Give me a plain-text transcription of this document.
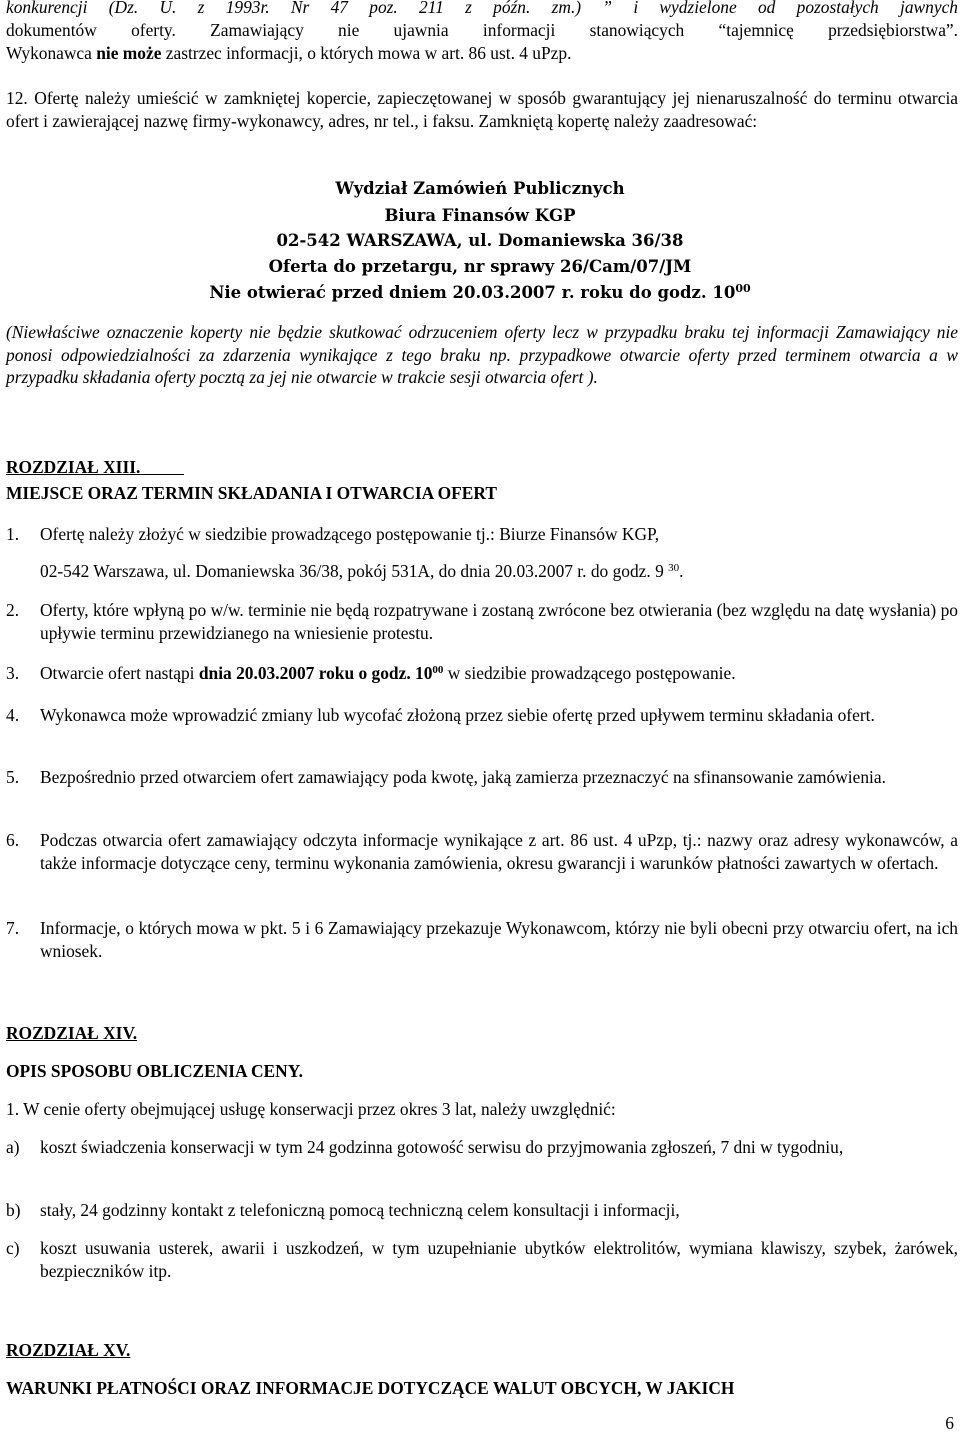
konkurencji (Dz. U. z 1993r. Nr 47 poz. 211 z późn. zm.) ” i wydzielone od pozostałych jawnych

dokumentów oferty. Zamawiający nie ujawnia informacji stanowiących “tajemnicę przedsiębiorstwa”.

Wykonawca nie może zastrzec informacji, o których mowa w art. 86 ust. 4 uPzp.

12. Ofertę należy umieścić w zamkniętej kopercie, zapieczętowanej w sposób gwarantujący jej nienaruszalność do terminu otwarcia ofert i zawierającej nazwę firmy-wykonawcy, adres, nr tel., i faksu. Zamkniętą kopertę należy zaadresować:

Wydział Zamówień Publicznych
Biura Finansów KGP
02-542 WARSZAWA, ul. Domaniewska 36/38
Oferta do przetargu, nr sprawy 26/Cam/07/JM
Nie otwierać przed dniem 20.03.2007 r. roku do godz. $10^{00}$

(Niewłaściwe oznaczenie koperty nie będzie skutkować odrzuceniem oferty lecz w przypadku braku tej informacji Zamawiający nie ponosi odpowiedzialności za zdarzenia wynikające z tego braku np. przypadkowe otwarcie oferty przed terminem otwarcia a w przypadku składania oferty pocztą za jej nie otwarcie w trakcie sesji otwarcia ofert ).

ROZDZIAŁ XIII.
MIEJSCE ORAZ TERMIN SKŁADANIA I OTWARCIA OFERT
1. Ofertę należy złożyć w siedzibie prowadzącego postępowanie tj.: Biurze Finansów KGP,

02-542 Warszawa, ul. Domaniewska 36/38, pokój 531A, do dnia 20.03.2007 r. do godz. 9 $^{30}$.

2. Oferty, które wpłyną po w/w. terminie nie będą rozpatrywane i zostaną zwrócone bez otwierania (bez względu na datę wysłania) po upływie terminu przewidzianego na wniesienie protestu.

3. Otwarcie ofert nastąpi dnia 20.03.2007 roku o godz. $10^{00}$ w siedzibie prowadzącego postępowanie.

4. Wykonawca może wprowadzić zmiany lub wycofać złożoną przez siebie ofertę przed upływem terminu składania ofert.

5. Bezpośrednio przed otwarciem ofert zamawiający poda kwotę, jaką zamierza przeznaczyć na sfinansowanie zamówienia.

6. Podczas otwarcia ofert zamawiający odczyta informacje wynikające z art. 86 ust. 4 uPzp, tj.: nazwy oraz adresy wykonawców, a także informacje dotyczące ceny, terminu wykonania zamówienia, okresu gwarancji i warunków płatności zawartych w ofertach.

7. Informacje, o których mowa w pkt. 5 i 6 Zamawiający przekazuje Wykonawcom, którzy nie byli obecni przy otwarciu ofert, na ich wniosek.

ROZDZIAŁ XIV.
OPIS SPOSOBU OBLICZENIA CENY.

1. W cenie oferty obejmującej usługę konserwacji przez okres 3 lat, należy uwzględnić:

a) koszt świadczenia konserwacji w tym 24 godzinna gotowość serwisu do przyjmowania zgłoszeń, 7 dni w tygodniu,

b) stały, 24 godzinny kontakt z telefoniczną pomocą techniczną celem konsultacji i informacji,

c) koszt usuwania usterek, awarii i uszkodzeń, w tym uzupełnianie ubytków elektrolitów, wymiana klawiszy, szybek, żarówek, bezpieczników itp.

ROZDZIAŁ XV.
WARUNKI PŁATNOŚCI ORAZ INFORMACJE DOTYCZĄCE WALUT OBCYCH, W JAKICH
6
